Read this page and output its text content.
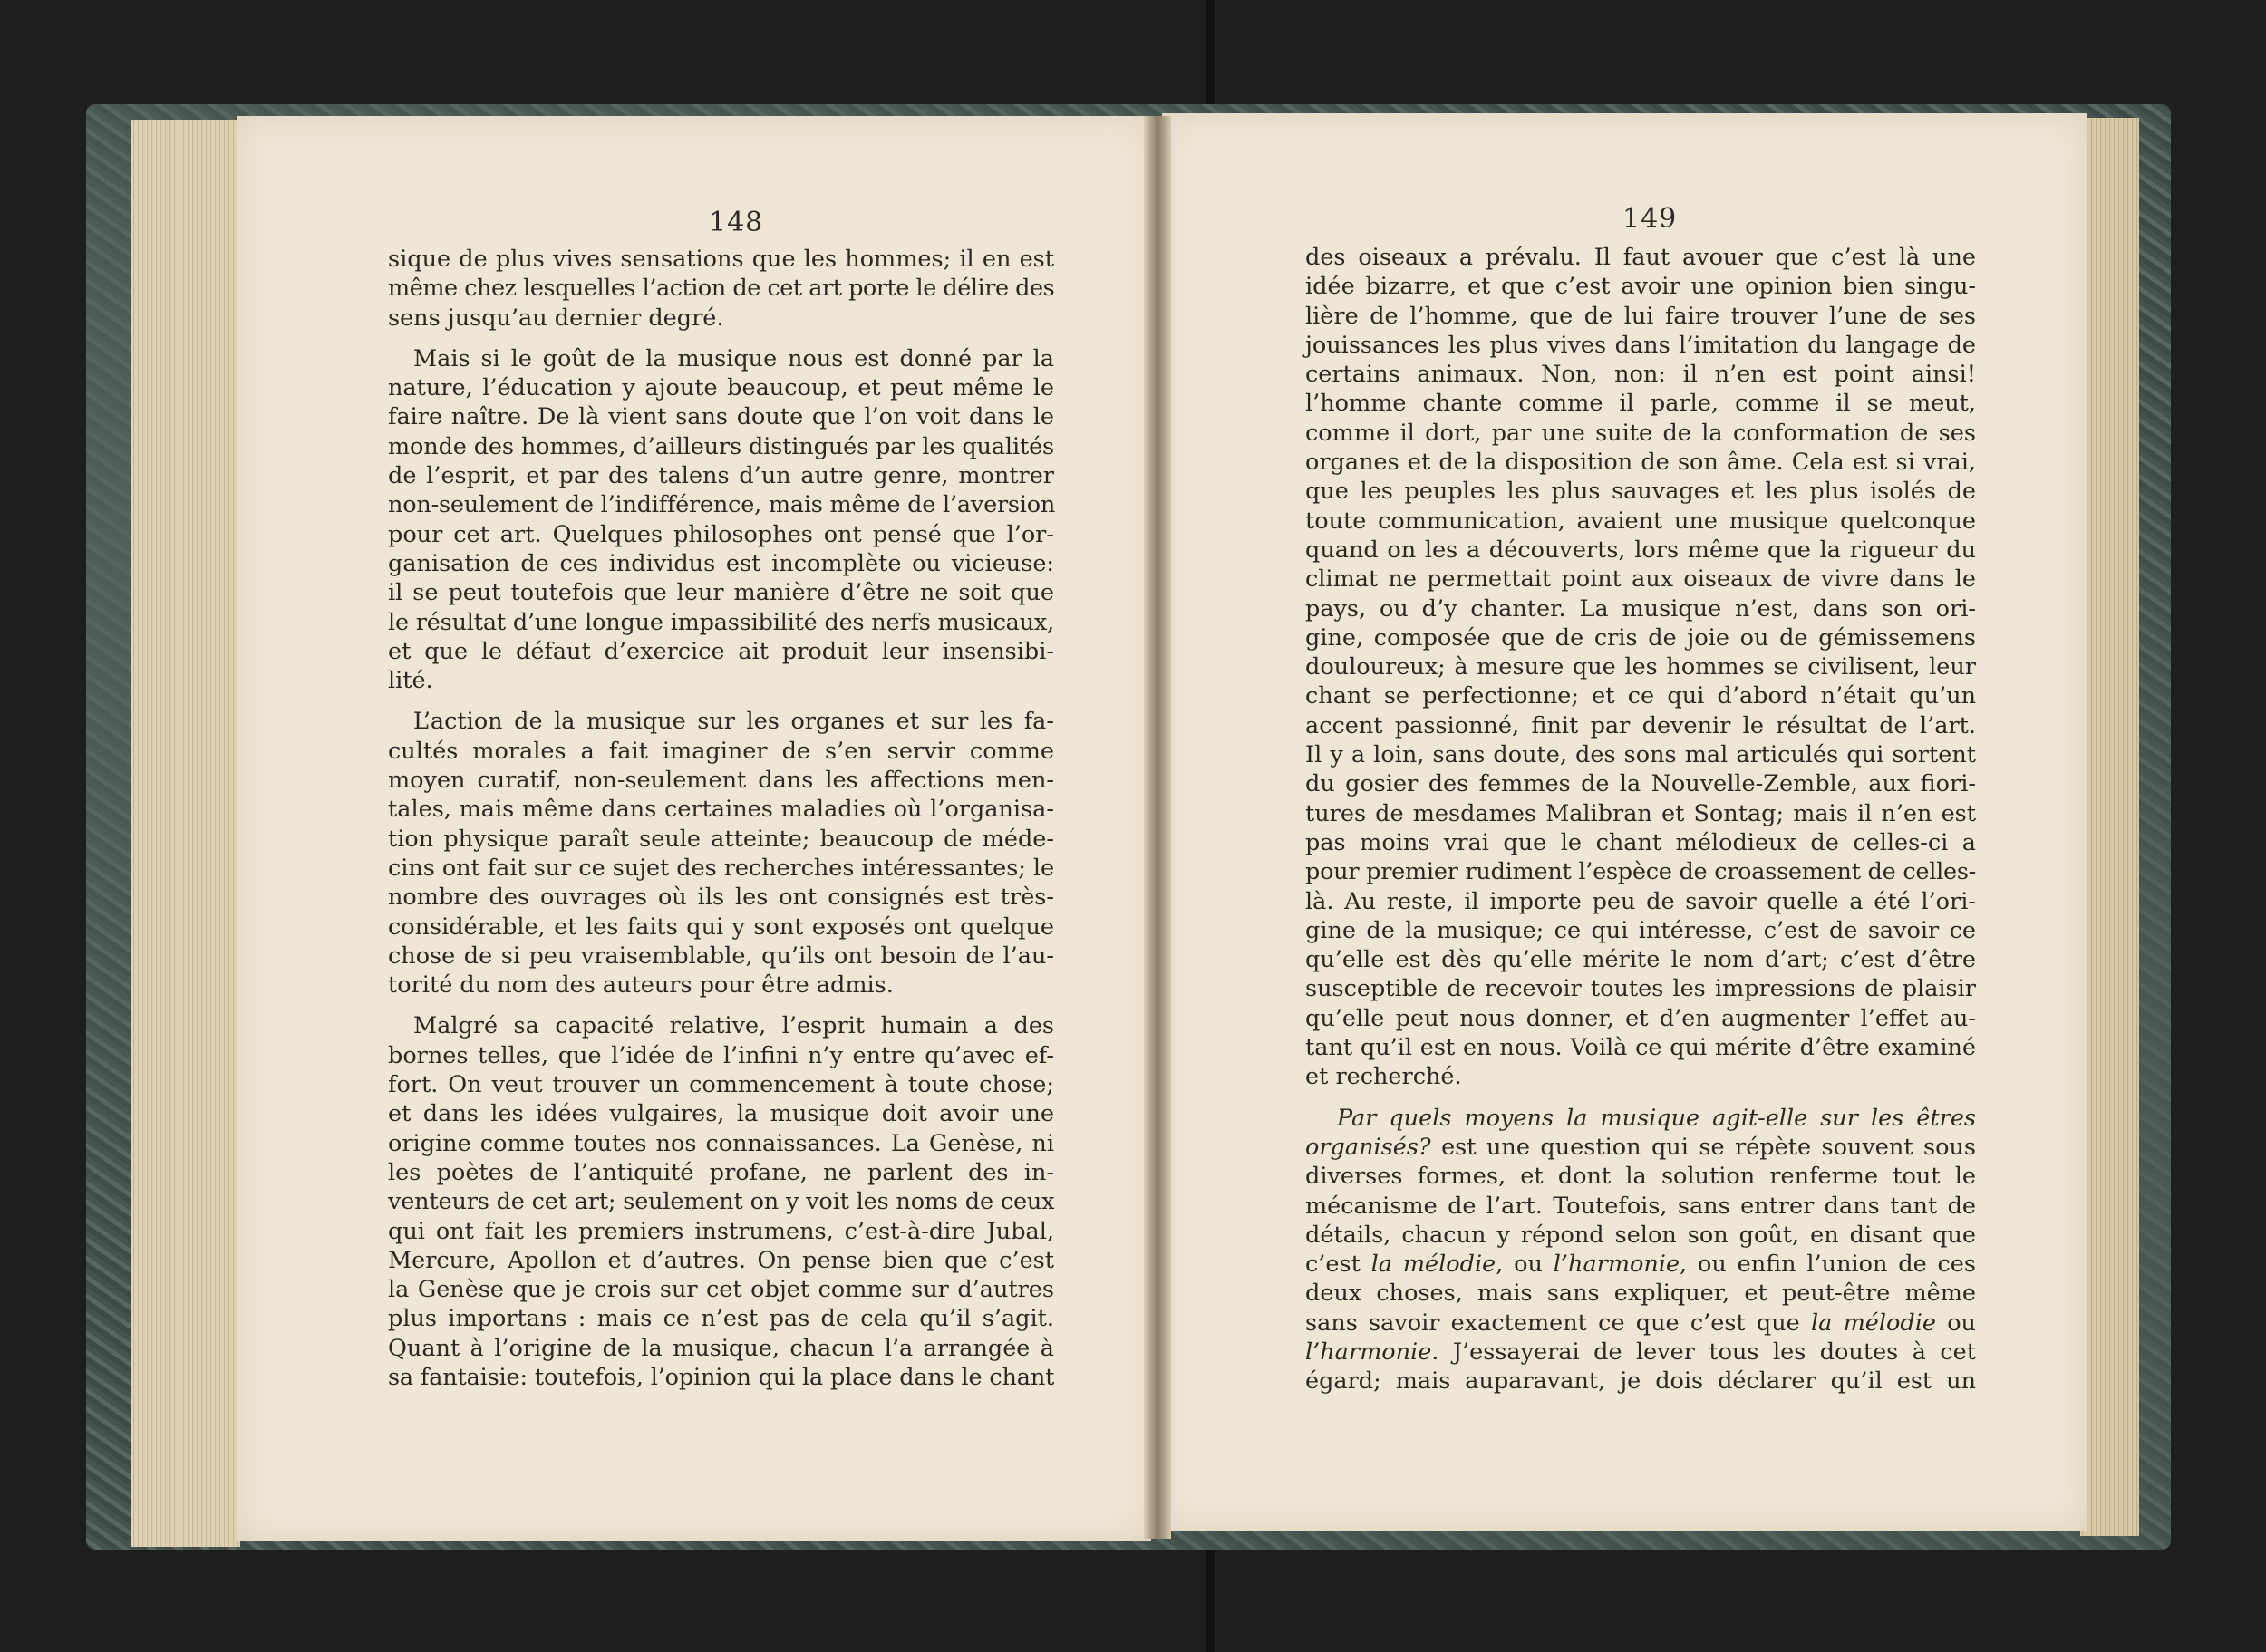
148	149
sique de plus vives sensations que les hommes; il en est
même chez lesquelles l’action de cet art porte le délire des
sens jusqu’au dernier degré.
Mais si le goût de la musique nous est donné par la
nature, l’éducation y ajoute beaucoup, et peut même le
faire naître. De là vient sans doute que l’on voit dans le
monde des hommes, d’ailleurs distingués par les qualités
de l’esprit, et par des talens d’un autre genre, montrer
non-seulement de l’indifférence, mais même de l’aversion
pour cet art. Quelques philosophes ont pensé que l’or-
ganisation de ces individus est incomplète ou vicieuse:
il se peut toutefois que leur manière d’être ne soit que
le résultat d’une longue impassibilité des nerfs musicaux,
et que le défaut d’exercice ait produit leur insensibi-
lité.
L’action de la musique sur les organes et sur les fa-
cultés morales a fait imaginer de s’en servir comme
moyen curatif, non-seulement dans les affections men-
tales, mais même dans certaines maladies où l’organisa-
tion physique paraît seule atteinte; beaucoup de méde-
cins ont fait sur ce sujet des recherches intéressantes; le
nombre des ouvrages où ils les ont consignés est très-
considérable, et les faits qui y sont exposés ont quelque
chose de si peu vraisemblable, qu’ils ont besoin de l’au-
torité du nom des auteurs pour être admis.
Malgré sa capacité relative, l’esprit humain a des
bornes telles, que l’idée de l’infini n’y entre qu’avec ef-
fort. On veut trouver un commencement à toute chose;
et dans les idées vulgaires, la musique doit avoir une
origine comme toutes nos connaissances. La Genèse, ni
les poètes de l’antiquité profane, ne parlent des in-
venteurs de cet art; seulement on y voit les noms de ceux
qui ont fait les premiers instrumens, c’est-à-dire Jubal,
Mercure, Apollon et d’autres. On pense bien que c’est
la Genèse que je crois sur cet objet comme sur d’autres
plus importans : mais ce n’est pas de cela qu’il s’agit.
Quant à l’origine de la musique, chacun l’a arrangée à
sa fantaisie: toutefois, l’opinion qui la place dans le chant
des oiseaux a prévalu. Il faut avouer que c’est là une
idée bizarre, et que c’est avoir une opinion bien singu-
lière de l’homme, que de lui faire trouver l’une de ses
jouissances les plus vives dans l’imitation du langage de
certains animaux. Non, non: il n’en est point ainsi!
l’homme chante comme il parle, comme il se meut,
comme il dort, par une suite de la conformation de ses
organes et de la disposition de son âme. Cela est si vrai,
que les peuples les plus sauvages et les plus isolés de
toute communication, avaient une musique quelconque
quand on les a découverts, lors même que la rigueur du
climat ne permettait point aux oiseaux de vivre dans le
pays, ou d’y chanter. La musique n’est, dans son ori-
gine, composée que de cris de joie ou de gémissemens
douloureux; à mesure que les hommes se civilisent, leur
chant se perfectionne; et ce qui d’abord n’était qu’un
accent passionné, finit par devenir le résultat de l’art.
Il y a loin, sans doute, des sons mal articulés qui sortent
du gosier des femmes de la Nouvelle-Zemble, aux fiori-
tures de mesdames Malibran et Sontag; mais il n’en est
pas moins vrai que le chant mélodieux de celles-ci a
pour premier rudiment l’espèce de croassement de celles-
là. Au reste, il importe peu de savoir quelle a été l’ori-
gine de la musique; ce qui intéresse, c’est de savoir ce
qu’elle est dès qu’elle mérite le nom d’art; c’est d’être
susceptible de recevoir toutes les impressions de plaisir
qu’elle peut nous donner, et d’en augmenter l’effet au-
tant qu’il est en nous. Voilà ce qui mérite d’être examiné
et recherché.
Par quels moyens la musique agit-elle sur les êtres
organisés? est une question qui se répète souvent sous
diverses formes, et dont la solution renferme tout le
mécanisme de l’art. Toutefois, sans entrer dans tant de
détails, chacun y répond selon son goût, en disant que
c’est la mélodie, ou l’harmonie, ou enfin l’union de ces
deux choses, mais sans expliquer, et peut-être même
sans savoir exactement ce que c’est que la mélodie ou
l’harmonie. J’essayerai de lever tous les doutes à cet
égard; mais auparavant, je dois déclarer qu’il est un
